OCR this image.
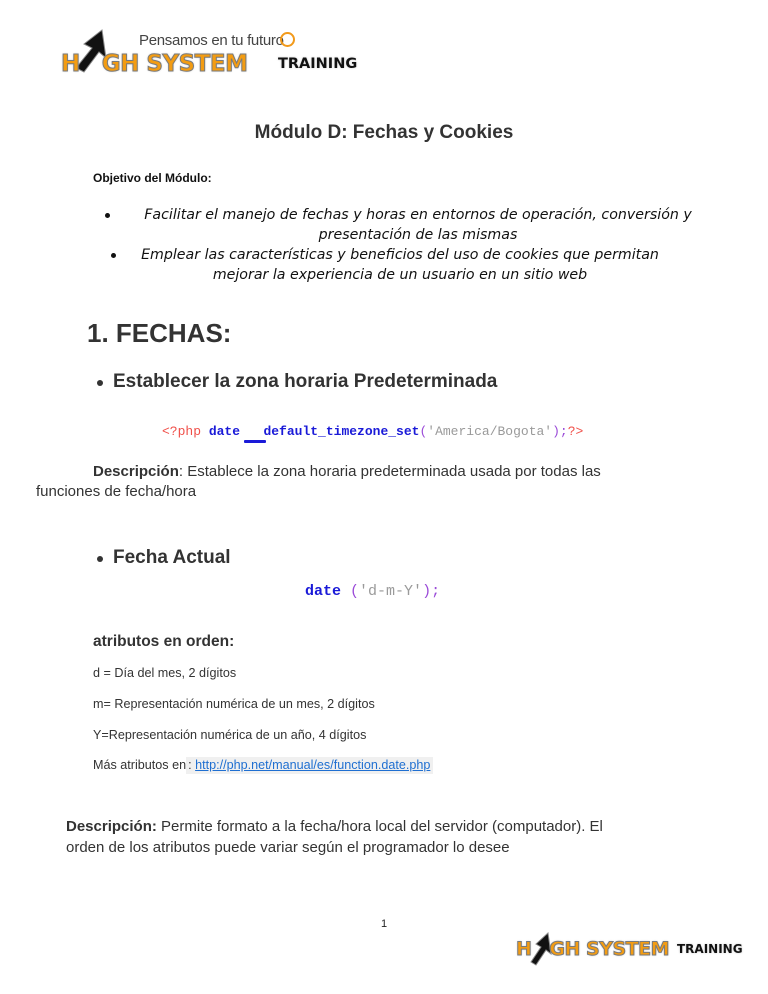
Pensamos en tu futuro
H GH SYSTEM TRAINING
Módulo D: Fechas y Cookies
Objetivo del Módulo:
Facilitar el manejo de fechas y horas en entornos de operación, conversión y
presentación de las mismas
Emplear las características y beneficios del uso de cookies que permitan
mejorar la experiencia de un usuario en un sitio web
1. FECHAS:
Establecer la zona horaria Predeterminada
<?php date default_timezone_set('America/Bogota');?>
Descripción: Establece la zona horaria predeterminada usada por todas las
funciones de fecha/hora
Fecha Actual
date ('d-m-Y');
atributos en orden:
d = Día del mes, 2 dígitos
m= Representación numérica de un mes, 2 dígitos
Y=Representación numérica de un año, 4 dígitos
Más atributos en : http://php.net/manual/es/function.date.php
Descripción: Permite formato a la fecha/hora local del servidor (computador). El
orden de los atributos puede variar según el programador lo desee
1
H GH SYSTEM TRAINING
